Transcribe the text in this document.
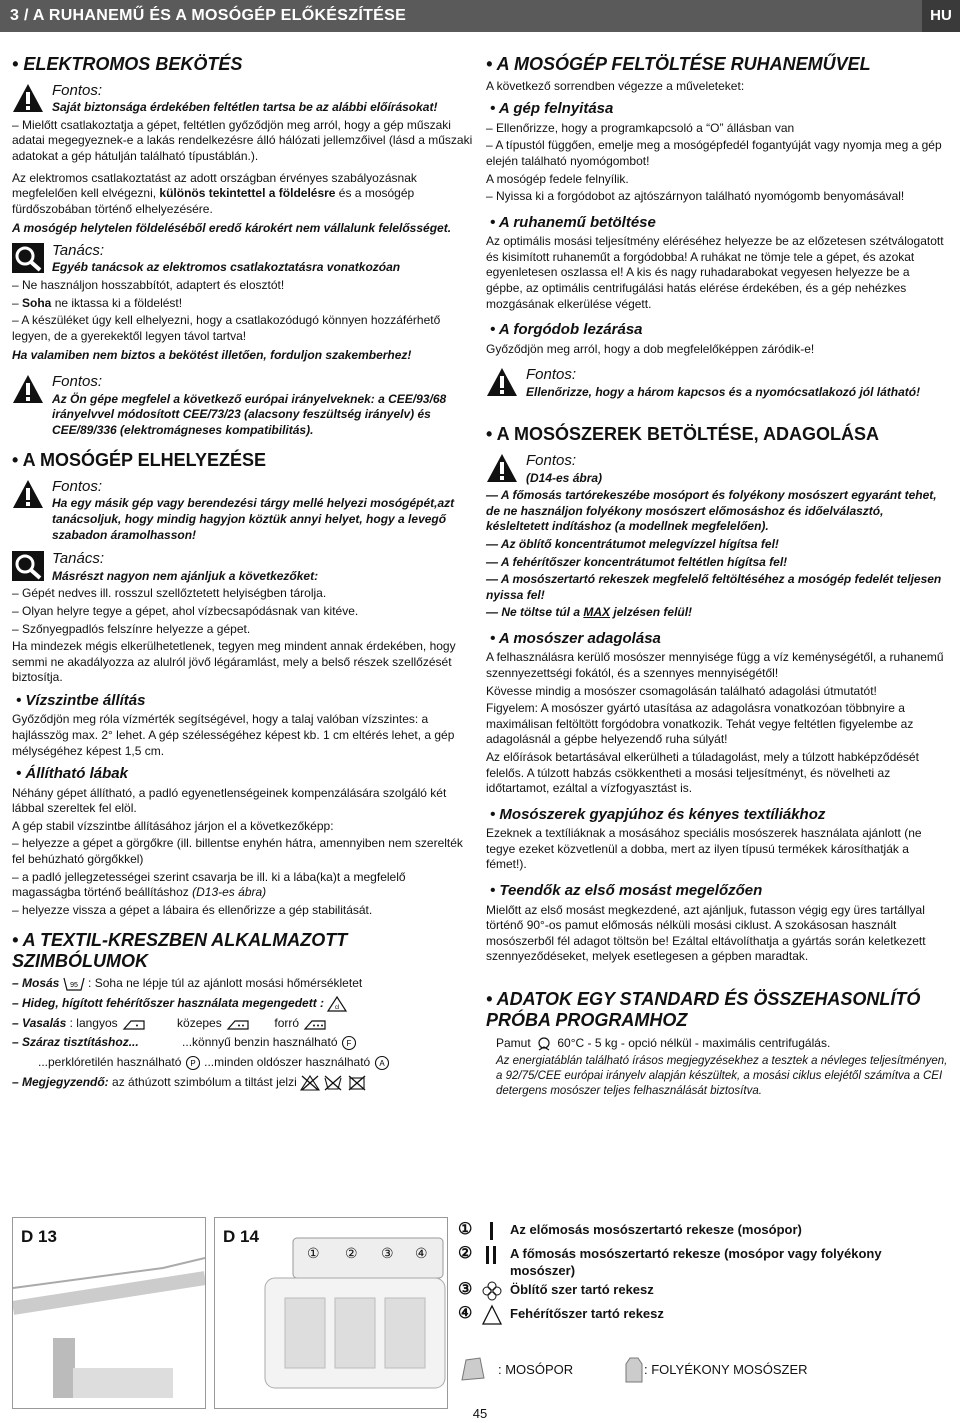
3 / A RUHANEMŰ ÉS A MOSÓGÉP ELŐKÉSZÍTÉSE	HU
• ELEKTROMOS BEKÖTÉS

Fontos:

Saját biztonsága érdekében feltétlen tartsa be az alábbi előírásokat!

– Mielőtt csatlakoztatja a gépet, feltétlen győződjön meg arról, hogy a gép műszaki adatai megegyeznek-e a lakás rendelkezésre álló hálózati jellemzőivel (lásd a műszaki adatokat a gép hátulján található típustáblán.).

Az elektromos csatlakoztatást az adott országban érvényes szabályozásnak megfelelően kell elvégezni, különös tekintettel a földelésre és a mosógép fürdőszobában történő elhelyezésére.

A mosógép helytelen földeléséből eredő károkért nem vállalunk felelősséget.

Tanács:

Egyéb tanácsok az elektromos csatlakoztatásra vonatkozóan

– Ne használjon hosszabbítót, adaptert és elosztót!

– Soha ne iktassa ki a földelést!

– A készüléket úgy kell elhelyezni, hogy a csatlakozódugó könnyen hozzáférhető legyen, de a gyerekektől legyen távol tartva!

Ha valamiben nem biztos a bekötést illetően, forduljon szakemberhez!

Fontos:

Az Ön gépe megfelel a következő európai irányelveknek: a CEE/93/68 irányelvvel módosított CEE/73/23 (alacsony feszültség irányelv) és CEE/89/336 (elektromágneses kompatibilitás).

• A MOSÓGÉP ELHELYEZÉSE

Fontos:

Ha egy másik gép vagy berendezési tárgy mellé helyezi mosógépét,azt tanácsoljuk, hogy mindig hagyjon köztük annyi helyet, hogy a levegő szabadon áramolhasson!

Tanács:

Másrészt nagyon nem ajánljuk a következőket:

– Gépét nedves ill. rosszul szellőztetett helyiségben tárolja.

– Olyan helyre tegye a gépet, ahol vízbecsapódásnak van kitéve.

– Szőnyegpadlós felszínre helyezze a gépet.

Ha mindezek mégis elkerülhetetlenek, tegyen meg mindent annak érdekében, hogy semmi ne akadályozza az alulról jövő légáramlást, mely a belső részek szellőzését biztosítja.

• Vízszintbe állítás

Győződjön meg róla vízmérték segítségével, hogy a talaj valóban vízszintes: a hajlásszög max. 2° lehet. A gép szélességéhez képest kb. 1 cm eltérés lehet, a gép mélységéhez képest 1,5 cm.

• Állítható lábak

Néhány gépet állítható, a padló egyenetlenségeinek kompenzálására szolgáló két lábbal szereltek fel elöl.

A gép stabil vízszintbe állításához járjon el a következőképp:

– helyezze a gépet a görgőkre (ill. billentse enyhén hátra, amennyiben nem szerelték fel behúzható görgőkkel)

– a padló jellegzetességei szerint csavarja be ill. ki a lába(ka)t a megfelelő magasságba történő beállításhoz (D13-es ábra)

– helyezze vissza a gépet a lábaira és ellenőrizze a gép stabilitását.

• A TEXTIL-KRESZBEN ALKALMAZOTT SZIMBÓLUMOK

– Mosás 95 : Soha ne lépje túl az ajánlott mosási hőmérsékletet

– Hideg, hígított fehérítőszer használata megengedett : cl

– Vasalás : langyos	közepes	forró

– Száraz tisztításhoz...	...könnyű benzin használható F

...perklóretilén használható P ...minden oldószer használható A

– Megjegyzendő: az áthúzott szimbólum a tiltást jelzi

• A MOSÓGÉP FELTÖLTÉSE RUHANEMŰVEL

A következő sorrendben végezze a műveleteket:

• A gép felnyitása

– Ellenőrizze, hogy a programkapcsoló a “O” állásban van

– A típustól függően, emelje meg a mosógépfedél fogantyúját vagy nyomja meg a gép elején található nyomógombot!

A mosógép fedele felnyílik.

– Nyissa ki a forgódobot az ajtószárnyon található nyomógomb benyomásával!

• A ruhanemű betöltése

Az optimális mosási teljesítmény eléréséhez helyezze be az előzetesen szétválogatott és kisimított ruhaneműt a forgódobba! A ruhákat ne tömje tele a gépet, és azokat egyenletesen oszlassa el! A kis és nagy ruhadarabokat vegyesen helyezze be a gépbe, az optimális centrifugálási hatás elérése érdekében, és a gép nehézkes mozgásának elkerülése végett.

• A forgódob lezárása

Győződjön meg arról, hogy a dob megfelelőképpen záródik-e!

Fontos:

Ellenőrizze, hogy a három kapcsos és a nyomócsatlakozó jól látható!

• A MOSÓSZEREK BETÖLTÉSE, ADAGOLÁSA

Fontos:

(D14-es ábra)

— A főmosás tartórekeszébe mosóport és folyékony mosószert egyaránt tehet, de ne használjon folyékony mosószert előmosáshoz és időelválasztó, késleltetett indításhoz (a modellnek megfelelően).

— Az öblítő koncentrátumot melegvízzel hígítsa fel!

— A fehérítőszer koncentrátumot feltétlen hígítsa fel!

— A mosószertartó rekeszek megfelelő feltöltéséhez a mosógép fedelét teljesen nyissa fel!

— Ne töltse túl a MAX jelzésen felül!

• A mosószer adagolása

A felhasználásra kerülő mosószer mennyisége függ a víz keménységétől, a ruhanemű szennyezettségi fokától, és a szennyes mennyiségétől!

Kövesse mindig a mosószer csomagolásán található adagolási útmutatót!

Figyelem: A mosószer gyártó utasítása az adagolásra vonatkozóan többnyire a maximálisan feltöltött forgódobra vonatkozik. Tehát vegye feltétlen figyelembe az adagolásnál a gépbe helyezendő ruha súlyát!

Az előírások betartásával elkerülheti a túladagolást, mely a túlzott habképződését felelős. A túlzott habzás csökkentheti a mosási teljesítményt, és növelheti az időtartamot, ezáltal a vízfogyasztást is.

• Mosószerek gyapjúhoz és kényes textíliákhoz

Ezeknek a textíliáknak a mosásához speciális mosószerek használata ajánlott (ne tegye ezeket közvetlenül a dobba, mert az ilyen típusú termékek károsíthatják a fémet!).

• Teendők az első mosást megelőzően

Mielőtt az első mosást megkezdené, azt ajánljuk, futasson végig egy üres tartállyal történő 90°-os pamut előmosás nélküli mosási ciklust. A szokásosan használt mosószerből fél adagot töltsön be! Ezáltal eltávolíthatja a gyártás során keletkezett szennyeződéseket, melyek esetlegesen a gépben maradtak.

• ADATOK EGY STANDARD ÉS ÖSSZEHASONLÍTÓ PRÓBA PROGRAMHOZ

Pamut 60°C - 5 kg - opció nélkül - maximális centrifugálás.

Az energiatáblán található írásos megjegyzésekhez a tesztek a névleges teljesítményen, a 92/75/CEE európai irányelv alapján készültek, a mosási ciklus elejétől számítva a CEI detergens mosószer teljes felhasználását biztosítva.

D 13	D 14
① ② ③ ④
①	Az előmosás mosószertartó rekesze (mosópor)
②	A főmosás mosószertartó rekesze (mosópor vagy folyékony mosószer)
③	Öblítő szer tartó rekesz
④	Fehérítőszer tartó rekesz
: MOSÓPOR	: FOLYÉKONY MOSÓSZER
45
